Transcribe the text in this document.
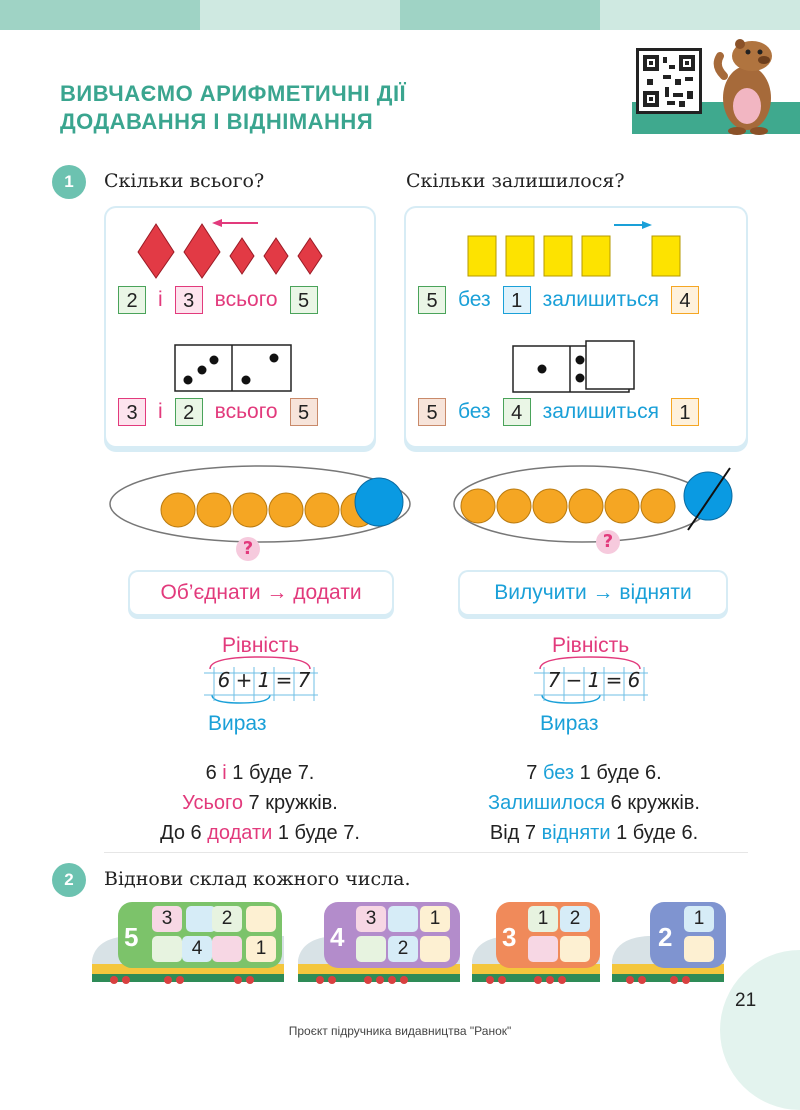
ВИВЧАЄМО АРИФМЕТИЧНІ ДІЇ
ДОДАВАННЯ І ВІДНІМАННЯ
1	Скільки всього?	Скільки залишилося?
2 і	3 всього	5
3 і	2 всього	5
5 без	1 залишиться	4
5 без	4 залишиться	1
?	?
Об’єднати → додати	Вилучити → відняти
Рівність
6 + 1 = 7
Вираз
Рівність
7 − 1 = 6
Вираз
6 і 1 буде 7.
Усього 7 кружків.
До 6 додати 1 буде 7.
7 без 1 буде 6.
Залишилося 6 кружків.
Від 7 відняти 1 буде 6.
2	Віднови склад кожного числа.
21
5
3	2
4	1	4
3	1
2	3
1	2
2
1
Проєкт підручника видавництва "Ранок"
